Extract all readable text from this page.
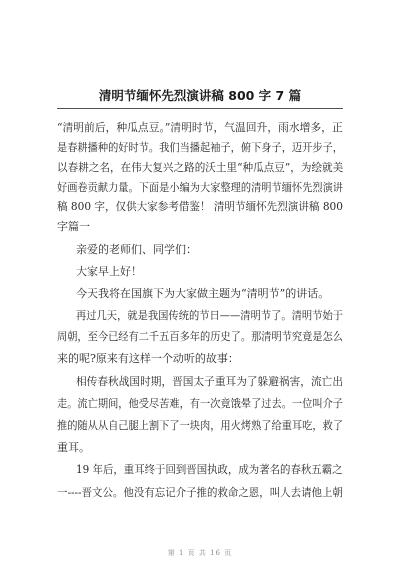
清明节缅怀先烈演讲稿 800 字 7 篇
“清明前后，种瓜点豆。”清明时节，气温回升，雨水增多，正
是春耕播种的好时节。我们当播起袖子，俯下身子，迈开步子，
以春耕之名，在伟大复兴之路的沃土里“种瓜点豆”，为绘就美
好画卷贡献力量。下面是小编为大家整理的清明节缅怀先烈演讲
稿 800 字，仅供大家参考借鉴！ 清明节缅怀先烈演讲稿 800
字篇一
亲爱的老师们、同学们：
大家早上好！
今天我将在国旗下为大家做主题为“清明节”的讲话。
再过几天，就是我国传统的节日——清明节了。清明节始于
周朝，至今已经有二千五百多年的历史了。那清明节究竟是怎么
来的呢?原来有这样一个动听的故事：
相传春秋战国时期，晋国太子重耳为了躲避祸害，流亡出
走。流亡期间，他受尽苦难，有一次竟饿晕了过去。一位叫介子
推的随从从自己腿上割下了一块肉，用火烤熟了给重耳吃，救了
重耳。
19 年后，重耳终于回到晋国执政，成为著名的春秋五霸之
一----晋文公。他没有忘记介子推的救命之恩，叫人去请他上朝
第 1 页 共 16 页
